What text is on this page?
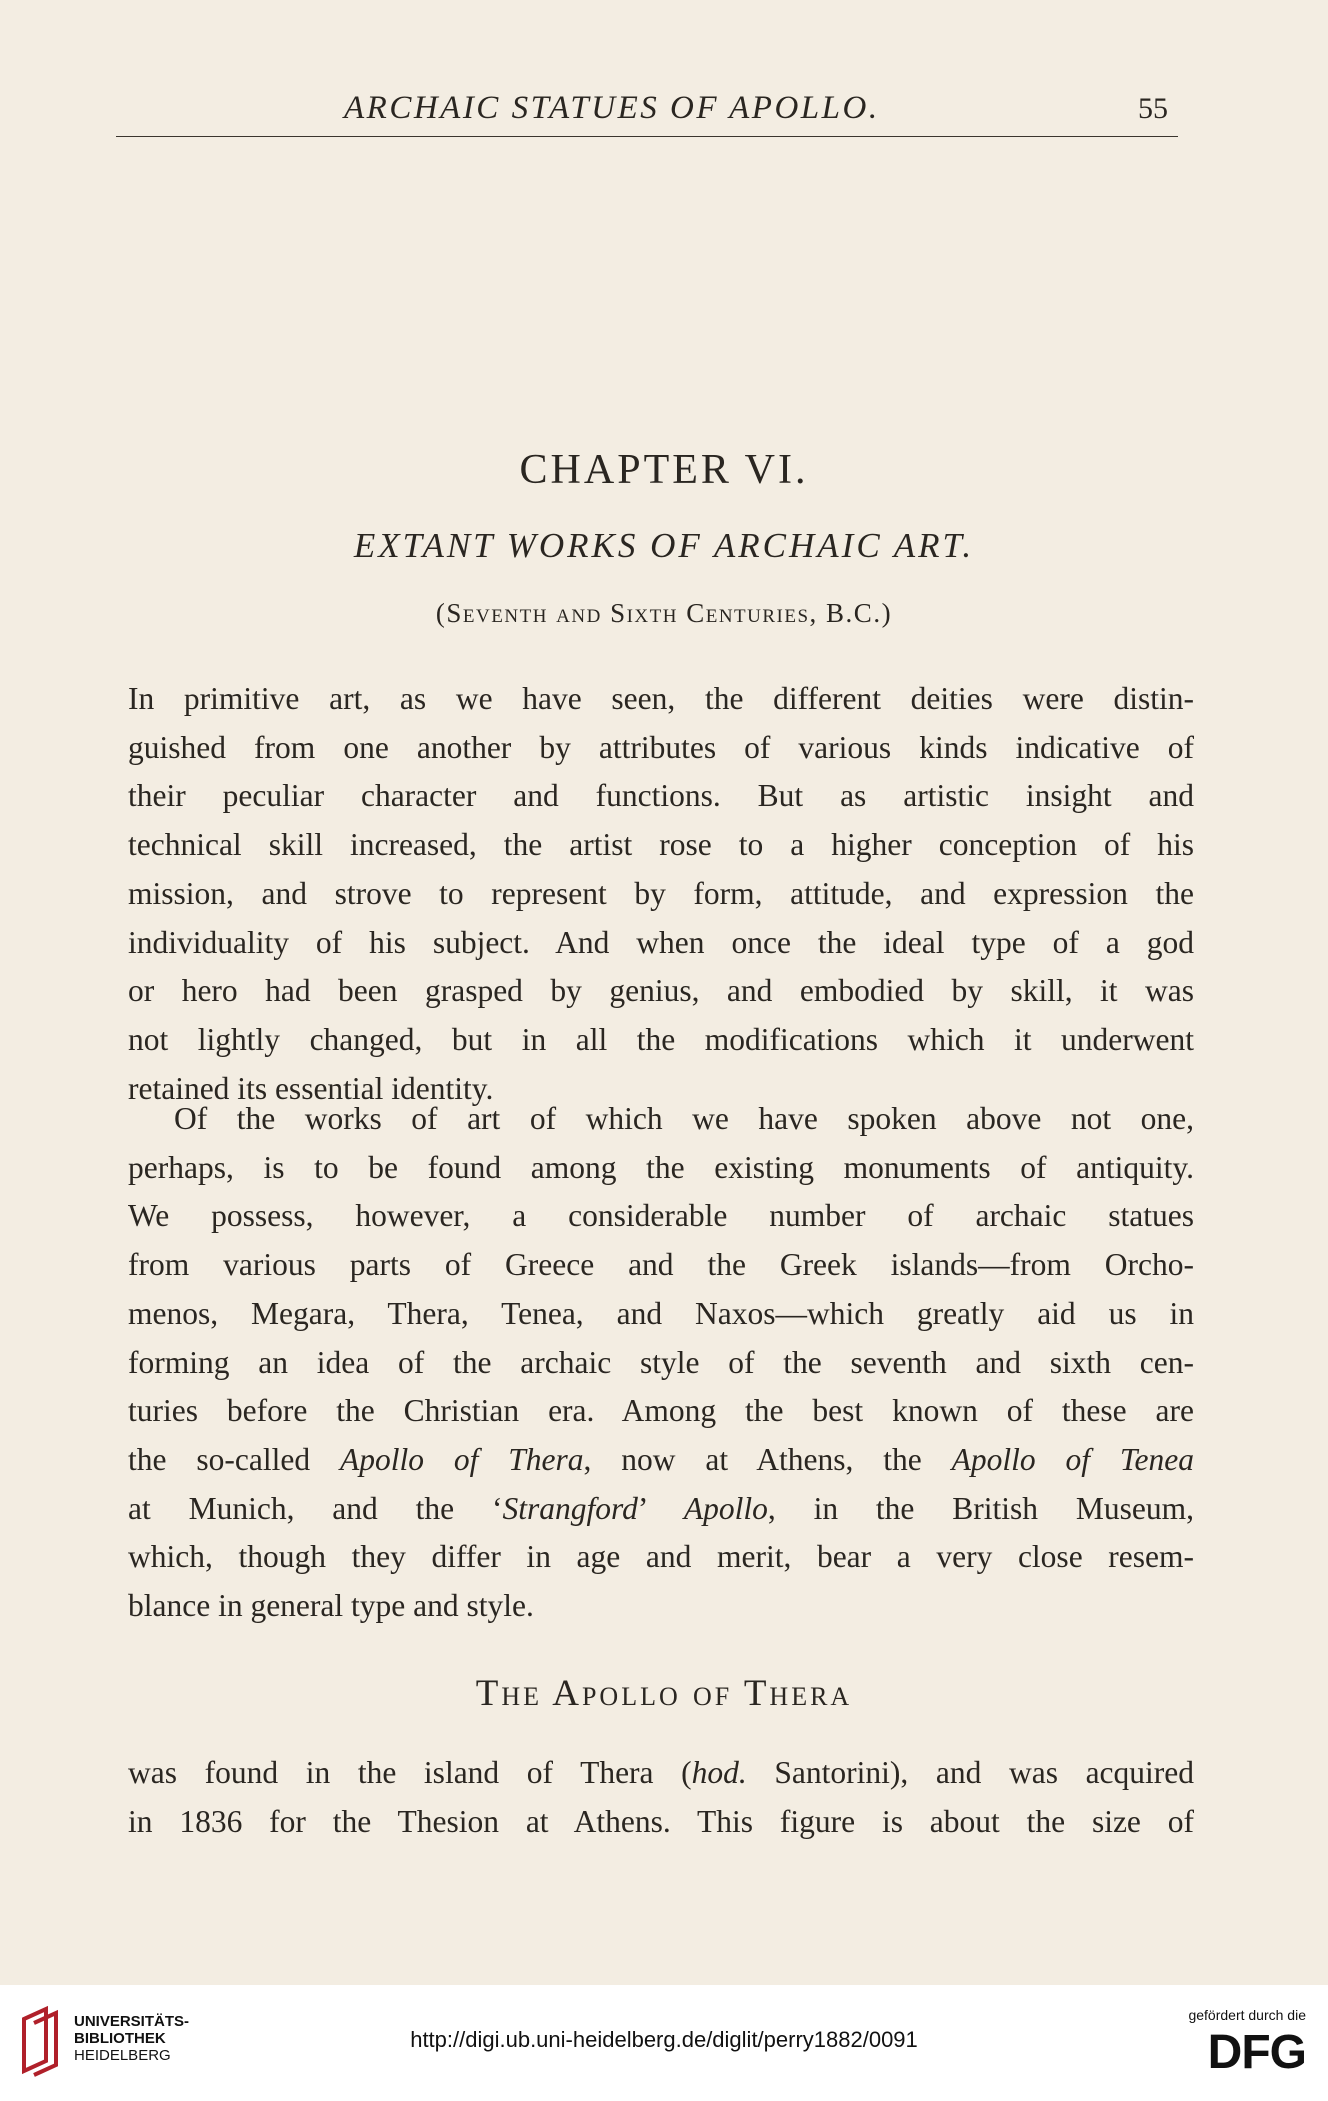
ARCHAIC STATUES OF APOLLO.	55
CHAPTER VI.
EXTANT WORKS OF ARCHAIC ART.
(Seventh and Sixth Centuries, B.C.)
In primitive art, as we have seen, the different deities were distin-
guished from one another by attributes of various kinds indicative of
their peculiar character and functions. But as artistic insight and
technical skill increased, the artist rose to a higher conception of his
mission, and strove to represent by form, attitude, and expression the
individuality of his subject. And when once the ideal type of a god
or hero had been grasped by genius, and embodied by skill, it was
not lightly changed, but in all the modifications which it underwent
retained its essential identity.
Of the works of art of which we have spoken above not one,
perhaps, is to be found among the existing monuments of antiquity.
We possess, however, a considerable number of archaic statues
from various parts of Greece and the Greek islands—from Orcho-
menos, Megara, Thera, Tenea, and Naxos—which greatly aid us in
forming an idea of the archaic style of the seventh and sixth cen-
turies before the Christian era. Among the best known of these are
the so-called Apollo of Thera, now at Athens, the Apollo of Tenea
at Munich, and the ‘Strangford’ Apollo, in the British Museum,
which, though they differ in age and merit, bear a very close resem-
blance in general type and style.
The Apollo of Thera
was found in the island of Thera (hod. Santorini), and was acquired
in 1836 for the Thesion at Athens. This figure is about the size of
UNIVERSITÄTS-
BIBLIOTHEK
HEIDELBERG
http://digi.ub.uni-heidelberg.de/diglit/perry1882/0091
gefördert durch die
DFG
